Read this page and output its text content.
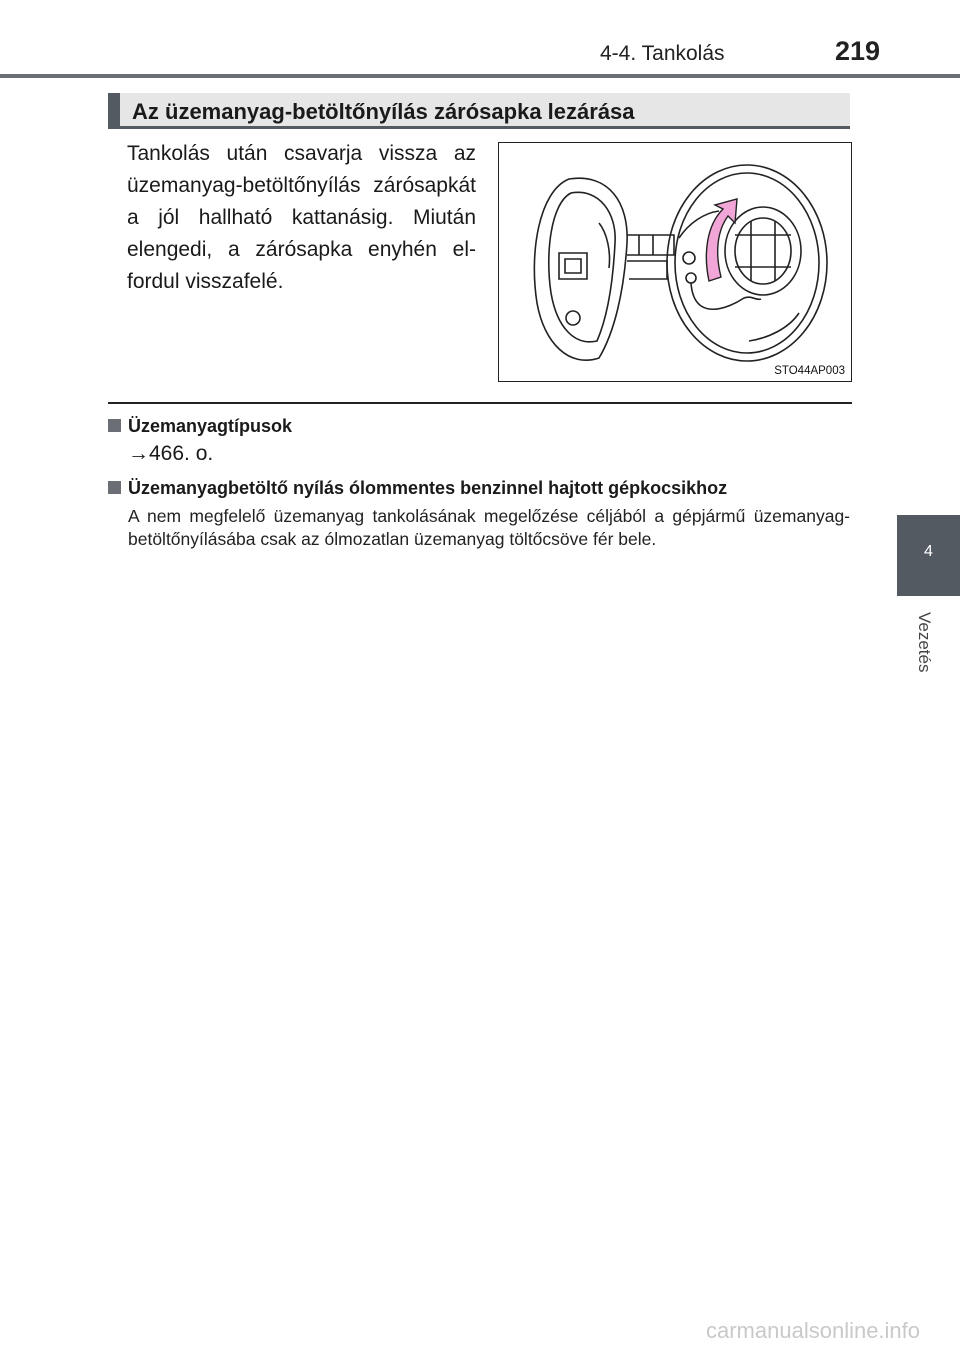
4-4. Tankolás	219
Az üzemanyag-betöltőnyílás zárósapka lezárása
Tankolás után csavarja vissza az üzemanyag-betöltőnyílás zárósapkát a jól hallható kattanásig. Miután elengedi, a zárósapka enyhén elfordul visszafelé.
STO44AP003
Üzemanyagtípusok
→466. o.
Üzemanyagbetöltő nyílás ólommentes benzinnel hajtott gépkocsikhoz
A nem megfelelő üzemanyag tankolásának megelőzése céljából a gépjármű üzemanyag-betöltőnyílásába csak az ólmozatlan üzemanyag töltőcsöve fér bele.
4
Vezetés
carmanualsonline.info
